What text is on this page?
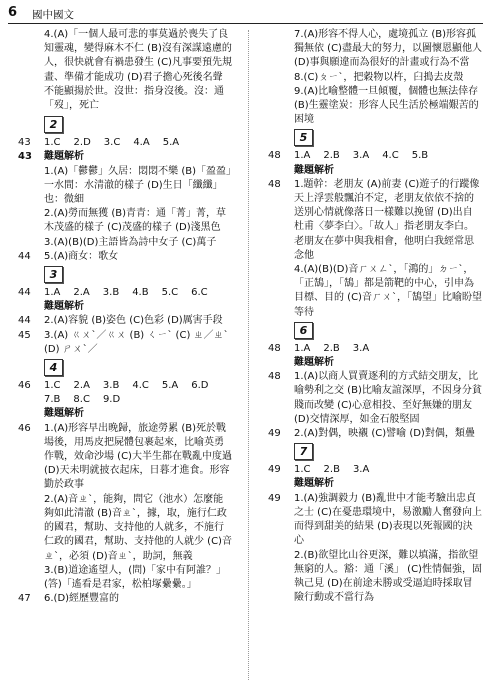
6 國中國文
4.(A)「一個人最可悲的事莫過於喪失了良知靈魂，變得麻木不仁 (B)沒有深謀遠慮的人，很快就會有禍患發生 (C)凡事要預先規畫、準備才能成功 (D)君子擔心死後名聲不能顯揚於世。沒世：指身沒後。沒：通「歿」，死亡
2
43 1.C 2.D 3.C 4.A 5.A
43 難題解析
1.(A)「鬱鬱」久居：悶悶不樂 (B)「盈盈」一水間：水清澈的樣子 (D)生日「纖纖」也：微細
2.(A)勞而無獲 (B)青青：通「菁」菁，草木茂盛的樣子 (C)茂盛的樣子 (D)淺黑色
3.(A)(B)(D)主語皆為詩中女子 (C)萬子
44 5.(A)商女：歌女
3
44 1.A 2.A 3.B 4.B 5.C 6.C
難題解析
44 2.(A)容貌 (B)姿色 (C)色彩 (D)厲害手段
45 3.(A) ㄍㄨˋ／ㄍㄨ (B) ㄑㄧˋ (C) ㄓ／ㄓˋ (D) ㄕㄨˋ／
4
46 1.C 2.A 3.B 4.C 5.A 6.D
7.B 8.C 9.D
難題解析
46 1.(A)形容早出晚歸，旅途勞累 (B)死於戰場後，用馬皮把屍體包裹起來，比喻英勇作戰，效命沙場 (C)大半生都在戰亂中度過 (D)天未明就披衣起床，日暮才進食。形容勤於政事
2.(A)音ㄓˋ，能夠，問它（池水）怎麼能夠如此清澈 (B)音ㄓˋ，據，取，施行仁政的國君，幫助、支持他的人就多，不施行仁政的國君，幫助、支持他的人就少 (C)音ㄓˋ，必須 (D)音ㄓˋ，助詞，無義
3.(B)道途遙望人，(問)「家中有阿誰？」(答)「遙看是君家，松柏塚纍纍。」
47 6.(D)經歷豐富的
7.(A)形容不得人心，處境孤立 (B)形容孤獨無依 (C)盡最大的努力，以圖懷恩顯他人 (D)事與願違而為很好的計畫或行為不當
8.(C)ㄆㄧˋ，把穀物以杵，臼搗去皮殼
9.(A)比喻整體一旦傾覆，個體也無法倖存 (B)生靈塗炭：形容人民生活於極端艱苦的困境
5
48 1.A 2.B 3.A 4.C 5.B
難題解析
48 1.題幹：老朋友 (A)前妻 (C)遊子的行蹤像天上浮雲般飄泊不定，老朋友依依不捨的送別心情就像落日一樣難以挽留 (D)出自杜甫〈夢李白〉。「故人」指老朋友李白。老朋友在夢中與我相會，他明白我經常思念他
4.(A)(B)(D)音ㄏㄨㄥˋ，「鴻的」ㄉㄧˋ，「正鵠」，「鵠」都是箭靶的中心，引申為目標、目的 (C)音ㄏㄨˋ，「鵠望」比喻盼望等待
6
48 1.A 2.B 3.A
難題解析
48 1.(A)以商人買賣逐利的方式結交朋友，比喻勢利之交 (B)比喻友誼深厚，不因身分貧賤而改變 (C)心意相投、至好無嫌的朋友 (D)交情深厚，如金石般堅固
49 2.(A)對偶，映襯 (C)譬喻 (D)對偶，類疊
7
49 1.C 2.B 3.A
難題解析
49 1.(A)強調毅力 (B)亂世中才能考驗出忠貞之士 (C)在憂患環境中，易激勵人奮發向上而得到甜美的結果 (D)表現以死報國的決心
2.(B)欲望比山谷更深，難以填滿，指欲望無窮的人。豁：通「溪」 (C)性情倔強，固執己見 (D)在前途未勝或受逼迫時採取冒險行動或不當行為
